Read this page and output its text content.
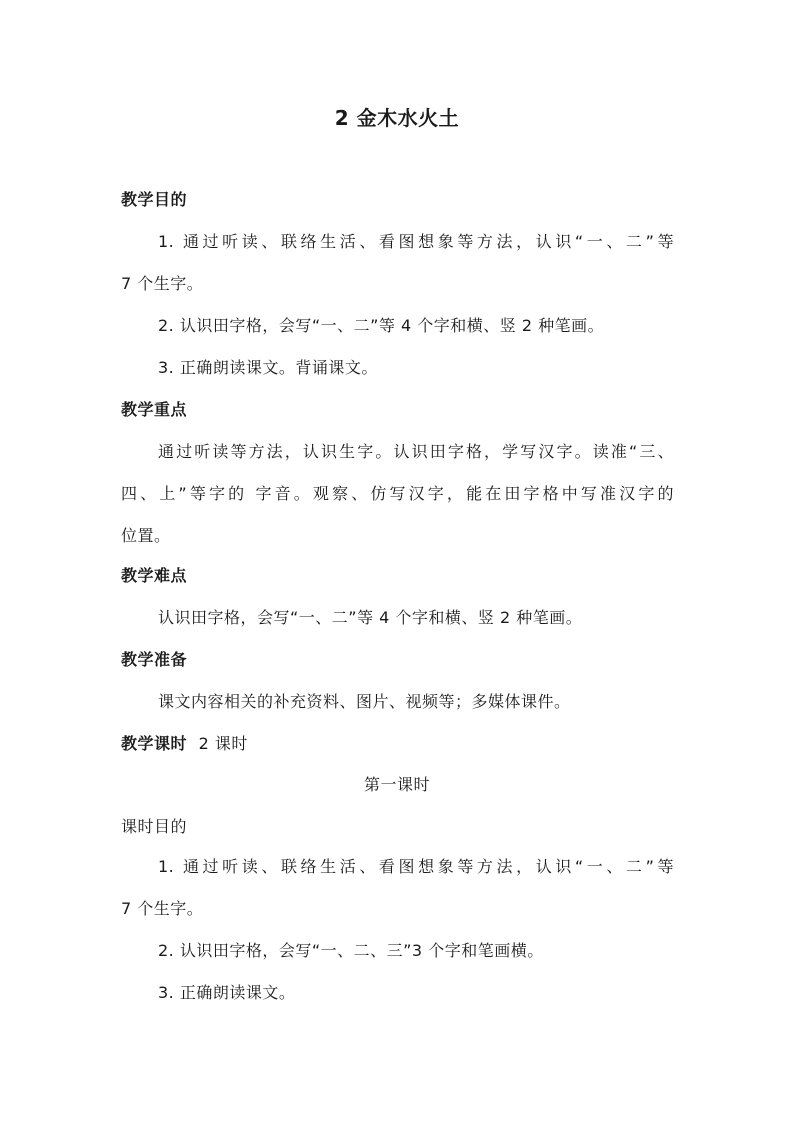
2 金木水火土
教学目的
1. 通过听读、联络生活、看图想象等方法，认识“一、二”等
7 个生字。
2. 认识田字格，会写“一、二”等 4 个字和横、竖 2 种笔画。
3. 正确朗读课文。背诵课文。
教学重点
通过听读等方法，认识生字。认识田字格，学写汉字。读准“三、
四、上”等字的 字音。观察、仿写汉字，能在田字格中写准汉字的
位置。
教学难点
认识田字格，会写“一、二”等 4 个字和横、竖 2 种笔画。
教学准备
课文内容相关的补充资料、图片、视频等；多媒体课件。
教学课时 2 课时
第一课时
课时目的
1. 通过听读、联络生活、看图想象等方法，认识“一、二”等
7 个生字。
2. 认识田字格，会写“一、二、三”3 个字和笔画横。
3. 正确朗读课文。
